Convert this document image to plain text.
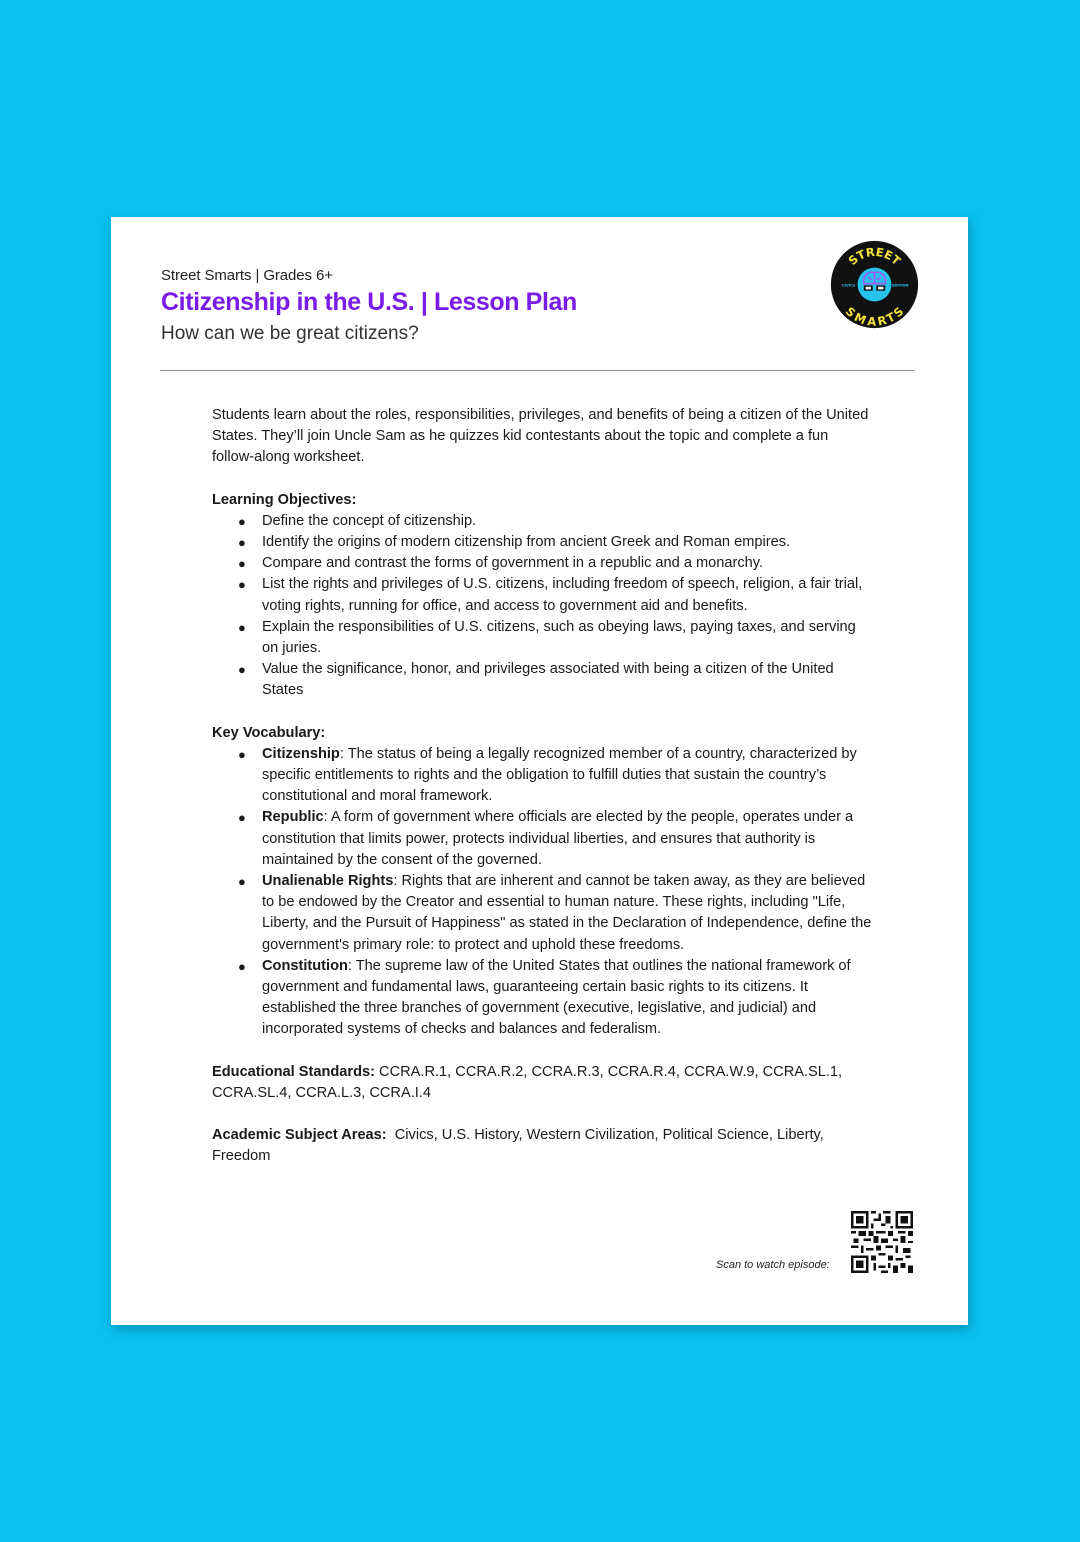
Street Smarts | Grades 6+
Citizenship in the U.S. | Lesson Plan
How can we be great citizens?
STREET
SMARTS
CIVICS	EDITION

Students learn about the roles, responsibilities, privileges, and benefits of being a citizen of the United States. They’ll join Uncle Sam as he quizzes kid contestants about the topic and complete a fun follow-along worksheet.

Learning Objectives:

● Define the concept of citizenship.
● Identify the origins of modern citizenship from ancient Greek and Roman empires.
● Compare and contrast the forms of government in a republic and a monarchy.
● List the rights and privileges of U.S. citizens, including freedom of speech, religion, a fair trial, voting rights, running for office, and access to government aid and benefits.
● Explain the responsibilities of U.S. citizens, such as obeying laws, paying taxes, and serving on juries.
● Value the significance, honor, and privileges associated with being a citizen of the United States

Key Vocabulary:

● Citizenship: The status of being a legally recognized member of a country, characterized by specific entitlements to rights and the obligation to fulfill duties that sustain the country’s constitutional and moral framework.
● Republic: A form of government where officials are elected by the people, operates under a constitution that limits power, protects individual liberties, and ensures that authority is maintained by the consent of the governed.
● Unalienable Rights: Rights that are inherent and cannot be taken away, as they are believed to be endowed by the Creator and essential to human nature. These rights, including "Life, Liberty, and the Pursuit of Happiness" as stated in the Declaration of Independence, define the government's primary role: to protect and uphold these freedoms.
● Constitution: The supreme law of the United States that outlines the national framework of government and fundamental laws, guaranteeing certain basic rights to its citizens. It established the three branches of government (executive, legislative, and judicial) and incorporated systems of checks and balances and federalism.

Educational Standards: CCRA.R.1, CCRA.R.2, CCRA.R.3, CCRA.R.4, CCRA.W.9, CCRA.SL.1, CCRA.SL.4, CCRA.L.3, CCRA.I.4

Academic Subject Areas:  Civics, U.S. History, Western Civilization, Political Science, Liberty, Freedom

Scan to watch episode:
